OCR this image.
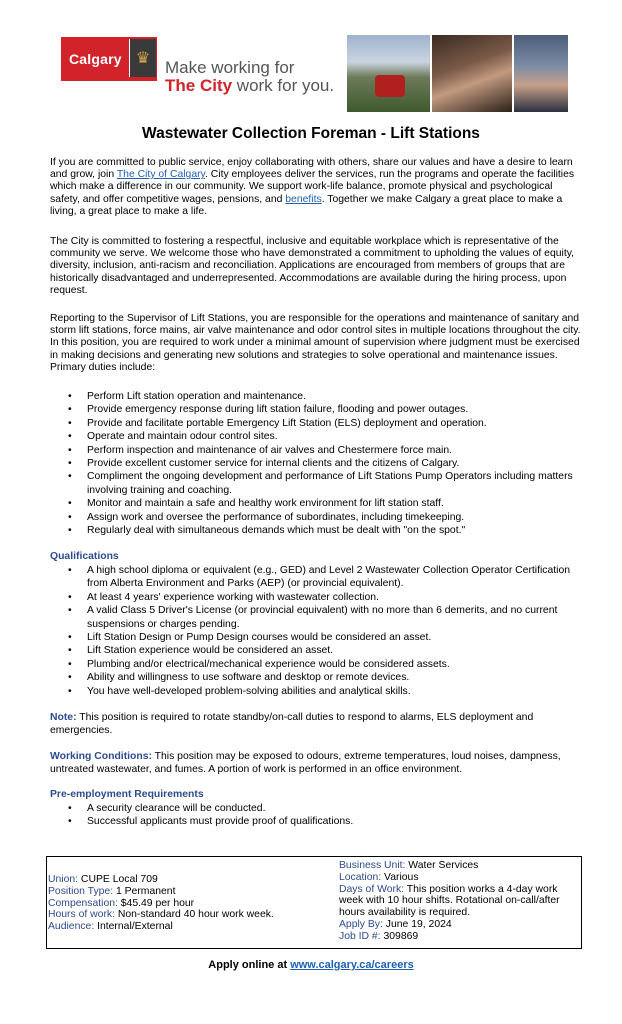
Calgary ♛ Make working for
The City work for you.
Wastewater Collection Foreman - Lift Stations
If you are committed to public service, enjoy collaborating with others, share our values and have a desire to learn and grow, join The City of Calgary. City employees deliver the services, run the programs and operate the facilities which make a difference in our community. We support work-life balance, promote physical and psychological safety, and offer competitive wages, pensions, and benefits. Together we make Calgary a great place to make a living, a great place to make a life.
The City is committed to fostering a respectful, inclusive and equitable workplace which is representative of the community we serve. We welcome those who have demonstrated a commitment to upholding the values of equity, diversity, inclusion, anti-racism and reconciliation. Applications are encouraged from members of groups that are historically disadvantaged and underrepresented. Accommodations are available during the hiring process, upon request.
Reporting to the Supervisor of Lift Stations, you are responsible for the operations and maintenance of sanitary and storm lift stations, force mains, air valve maintenance and odor control sites in multiple locations throughout the city. In this position, you are required to work under a minimal amount of supervision where judgment must be exercised in making decisions and generating new solutions and strategies to solve operational and maintenance issues. Primary duties include:
• Perform Lift station operation and maintenance.
• Provide emergency response during lift station failure, flooding and power outages.
• Provide and facilitate portable Emergency Lift Station (ELS) deployment and operation.
• Operate and maintain odour control sites.
• Perform inspection and maintenance of air valves and Chestermere force main.
• Provide excellent customer service for internal clients and the citizens of Calgary.
• Compliment the ongoing development and performance of Lift Stations Pump Operators including matters involving training and coaching.
• Monitor and maintain a safe and healthy work environment for lift station staff.
• Assign work and oversee the performance of subordinates, including timekeeping.
• Regularly deal with simultaneous demands which must be dealt with "on the spot."
Qualifications
• A high school diploma or equivalent (e.g., GED) and Level 2 Wastewater Collection Operator Certification from Alberta Environment and Parks (AEP) (or provincial equivalent).
• At least 4 years' experience working with wastewater collection.
• A valid Class 5 Driver's License (or provincial equivalent) with no more than 6 demerits, and no current suspensions or charges pending.
• Lift Station Design or Pump Design courses would be considered an asset.
• Lift Station experience would be considered an asset.
• Plumbing and/or electrical/mechanical experience would be considered assets.
• Ability and willingness to use software and desktop or remote devices.
• You have well-developed problem-solving abilities and analytical skills.
Note: This position is required to rotate standby/on-call duties to respond to alarms, ELS deployment and emergencies.
Working Conditions: This position may be exposed to odours, extreme temperatures, loud noises, dampness, untreated wastewater, and fumes. A portion of work is performed in an office environment.
Pre-employment Requirements
• A security clearance will be conducted.
• Successful applicants must provide proof of qualifications.
Union: CUPE Local 709
Position Type: 1 Permanent
Compensation: $45.49 per hour
Hours of work: Non-standard 40 hour work week.
Audience: Internal/External
Business Unit: Water Services
Location: Various
Days of Work: This position works a 4-day work week with 10 hour shifts. Rotational on-call/after hours availability is required.
Apply By: June 19, 2024
Job ID #: 309869
Apply online at www.calgary.ca/careers
